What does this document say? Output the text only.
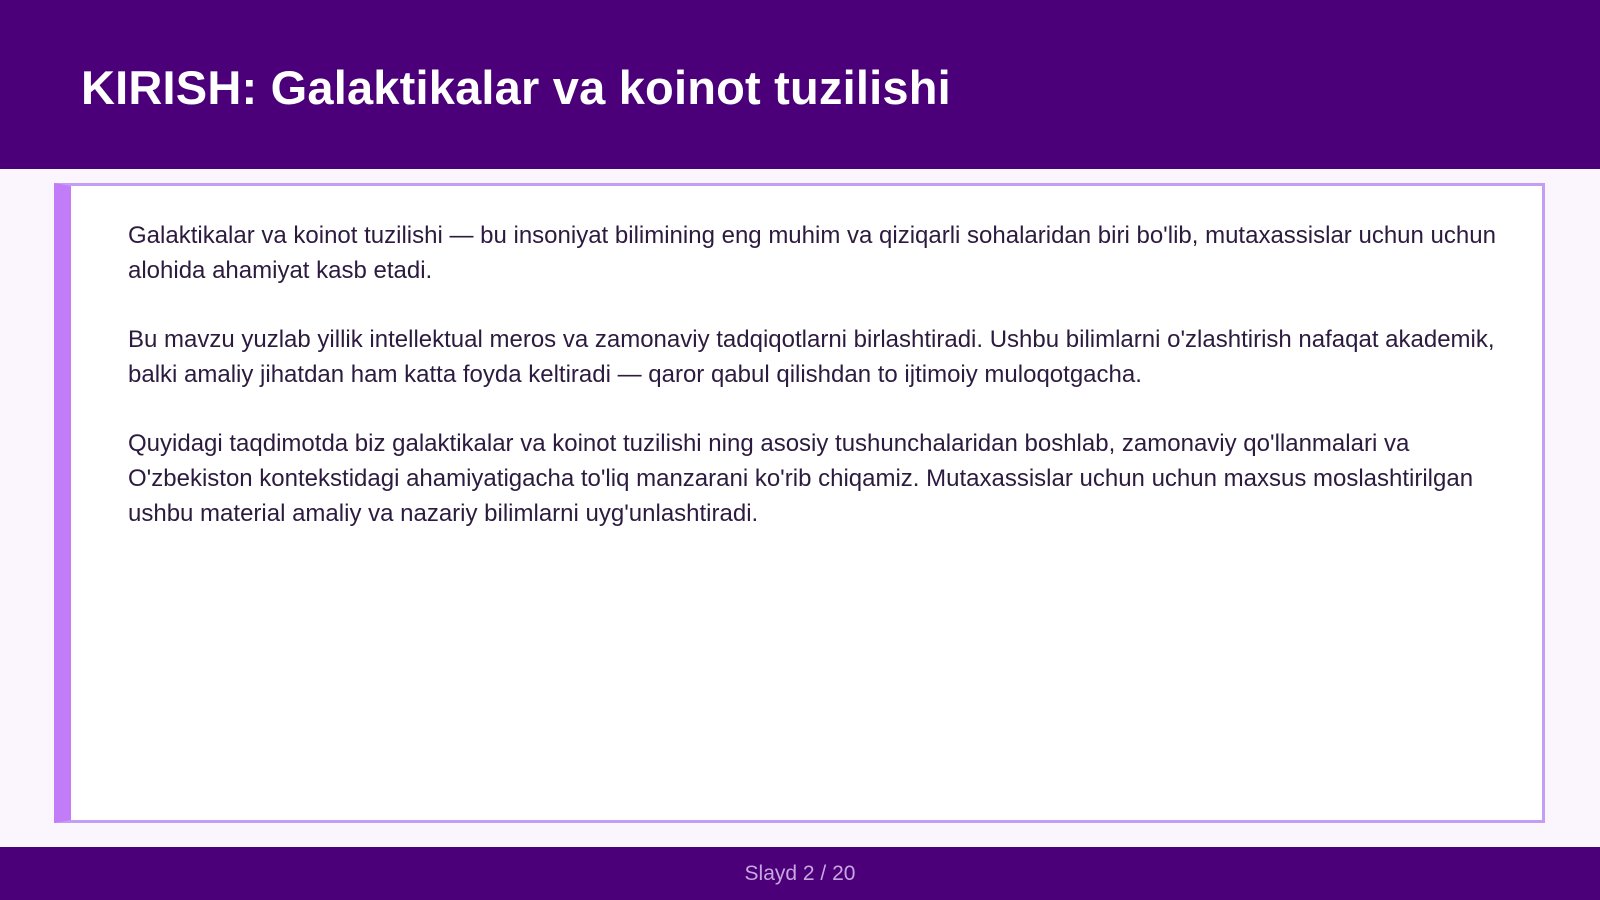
KIRISH: Galaktikalar va koinot tuzilishi

Galaktikalar va koinot tuzilishi — bu insoniyat bilimining eng muhim va qiziqarli sohalaridan biri bo'lib, mutaxassislar uchun uchun alohida ahamiyat kasb etadi.

Bu mavzu yuzlab yillik intellektual meros va zamonaviy tadqiqotlarni birlashtiradi. Ushbu bilimlarni o'zlashtirish nafaqat akademik, balki amaliy jihatdan ham katta foyda keltiradi — qaror qabul qilishdan to ijtimoiy muloqotgacha.

Quyidagi taqdimotda biz galaktikalar va koinot tuzilishi ning asosiy tushunchalaridan boshlab, zamonaviy qo'llanmalari va O'zbekiston kontekstidagi ahamiyatigacha to'liq manzarani ko'rib chiqamiz. Mutaxassislar uchun uchun maxsus moslashtirilgan ushbu material amaliy va nazariy bilimlarni uyg'unlashtiradi.

Slayd 2 / 20
